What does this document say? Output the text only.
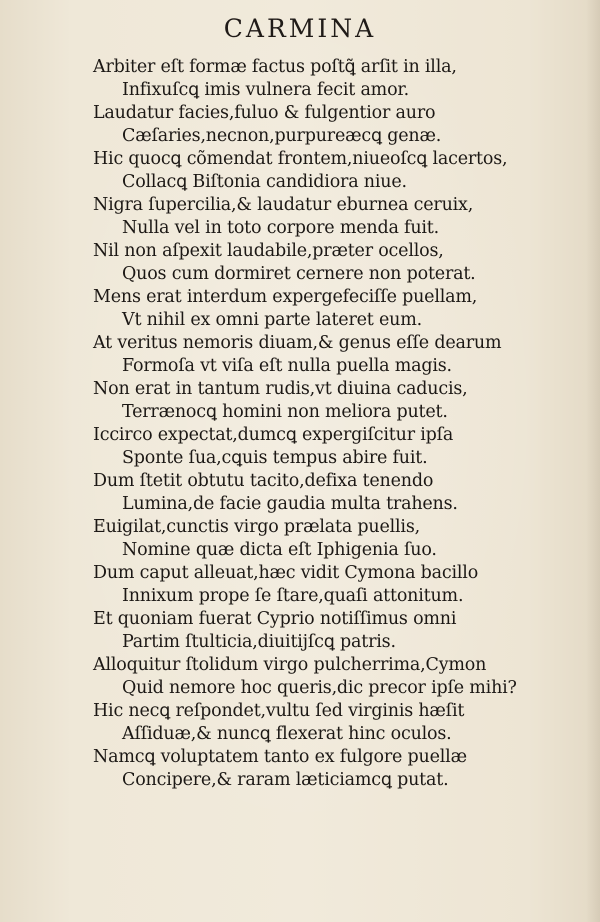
CARMINA
Arbiter eſt formæ factus poſtꝗ̃ arſit in illa,
Infixuſcꝗ imis vulnera fecit amor.
Laudatur facies,fuluo & fulgentior auro
Cæſaries,necnon,purpureæcꝗ genæ.
Hic quocꝗ cõmendat frontem,niueoſcꝗ lacertos,
Collacꝗ Biſtonia candidiora niue.
Nigra ſupercilia,& laudatur eburnea ceruix,
Nulla vel in toto corpore menda fuit.
Nil non aſpexit laudabile,præter ocellos,
Quos cum dormiret cernere non poterat.
Mens erat interdum expergefeciſſe puellam,
Vt nihil ex omni parte lateret eum.
At veritus nemoris diuam,& genus eſſe dearum
Formoſa vt viſa eſt nulla puella magis.
Non erat in tantum rudis,vt diuina caducis,
Terrænocꝗ homini non meliora putet.
Iccirco expectat,dumcꝗ expergiſcitur ipſa
Sponte ſua,cꝗuis tempus abire fuit.
Dum ſtetit obtutu tacito,defixa tenendo
Lumina,de facie gaudia multa trahens.
Euigilat,cunctis virgo prælata puellis,
Nomine quæ dicta eſt Iphigenia ſuo.
Dum caput alleuat,hæc vidit Cymona bacillo
Innixum prope ſe ſtare,quaſi attonitum.
Et quoniam fuerat Cyprio notiſſimus omni
Partim ſtulticia,diuitijſcꝗ patris.
Alloquitur ſtolidum virgo pulcherrima,Cymon
Quid nemore hoc queris,dic precor ipſe mihi?
Hic necꝗ reſpondet,vultu ſed virginis hæſit
Aſſiduæ,& nuncꝗ flexerat hinc oculos.
Namcꝗ voluptatem tanto ex fulgore puellæ
Concipere,& raram læticiamcꝗ putat.
